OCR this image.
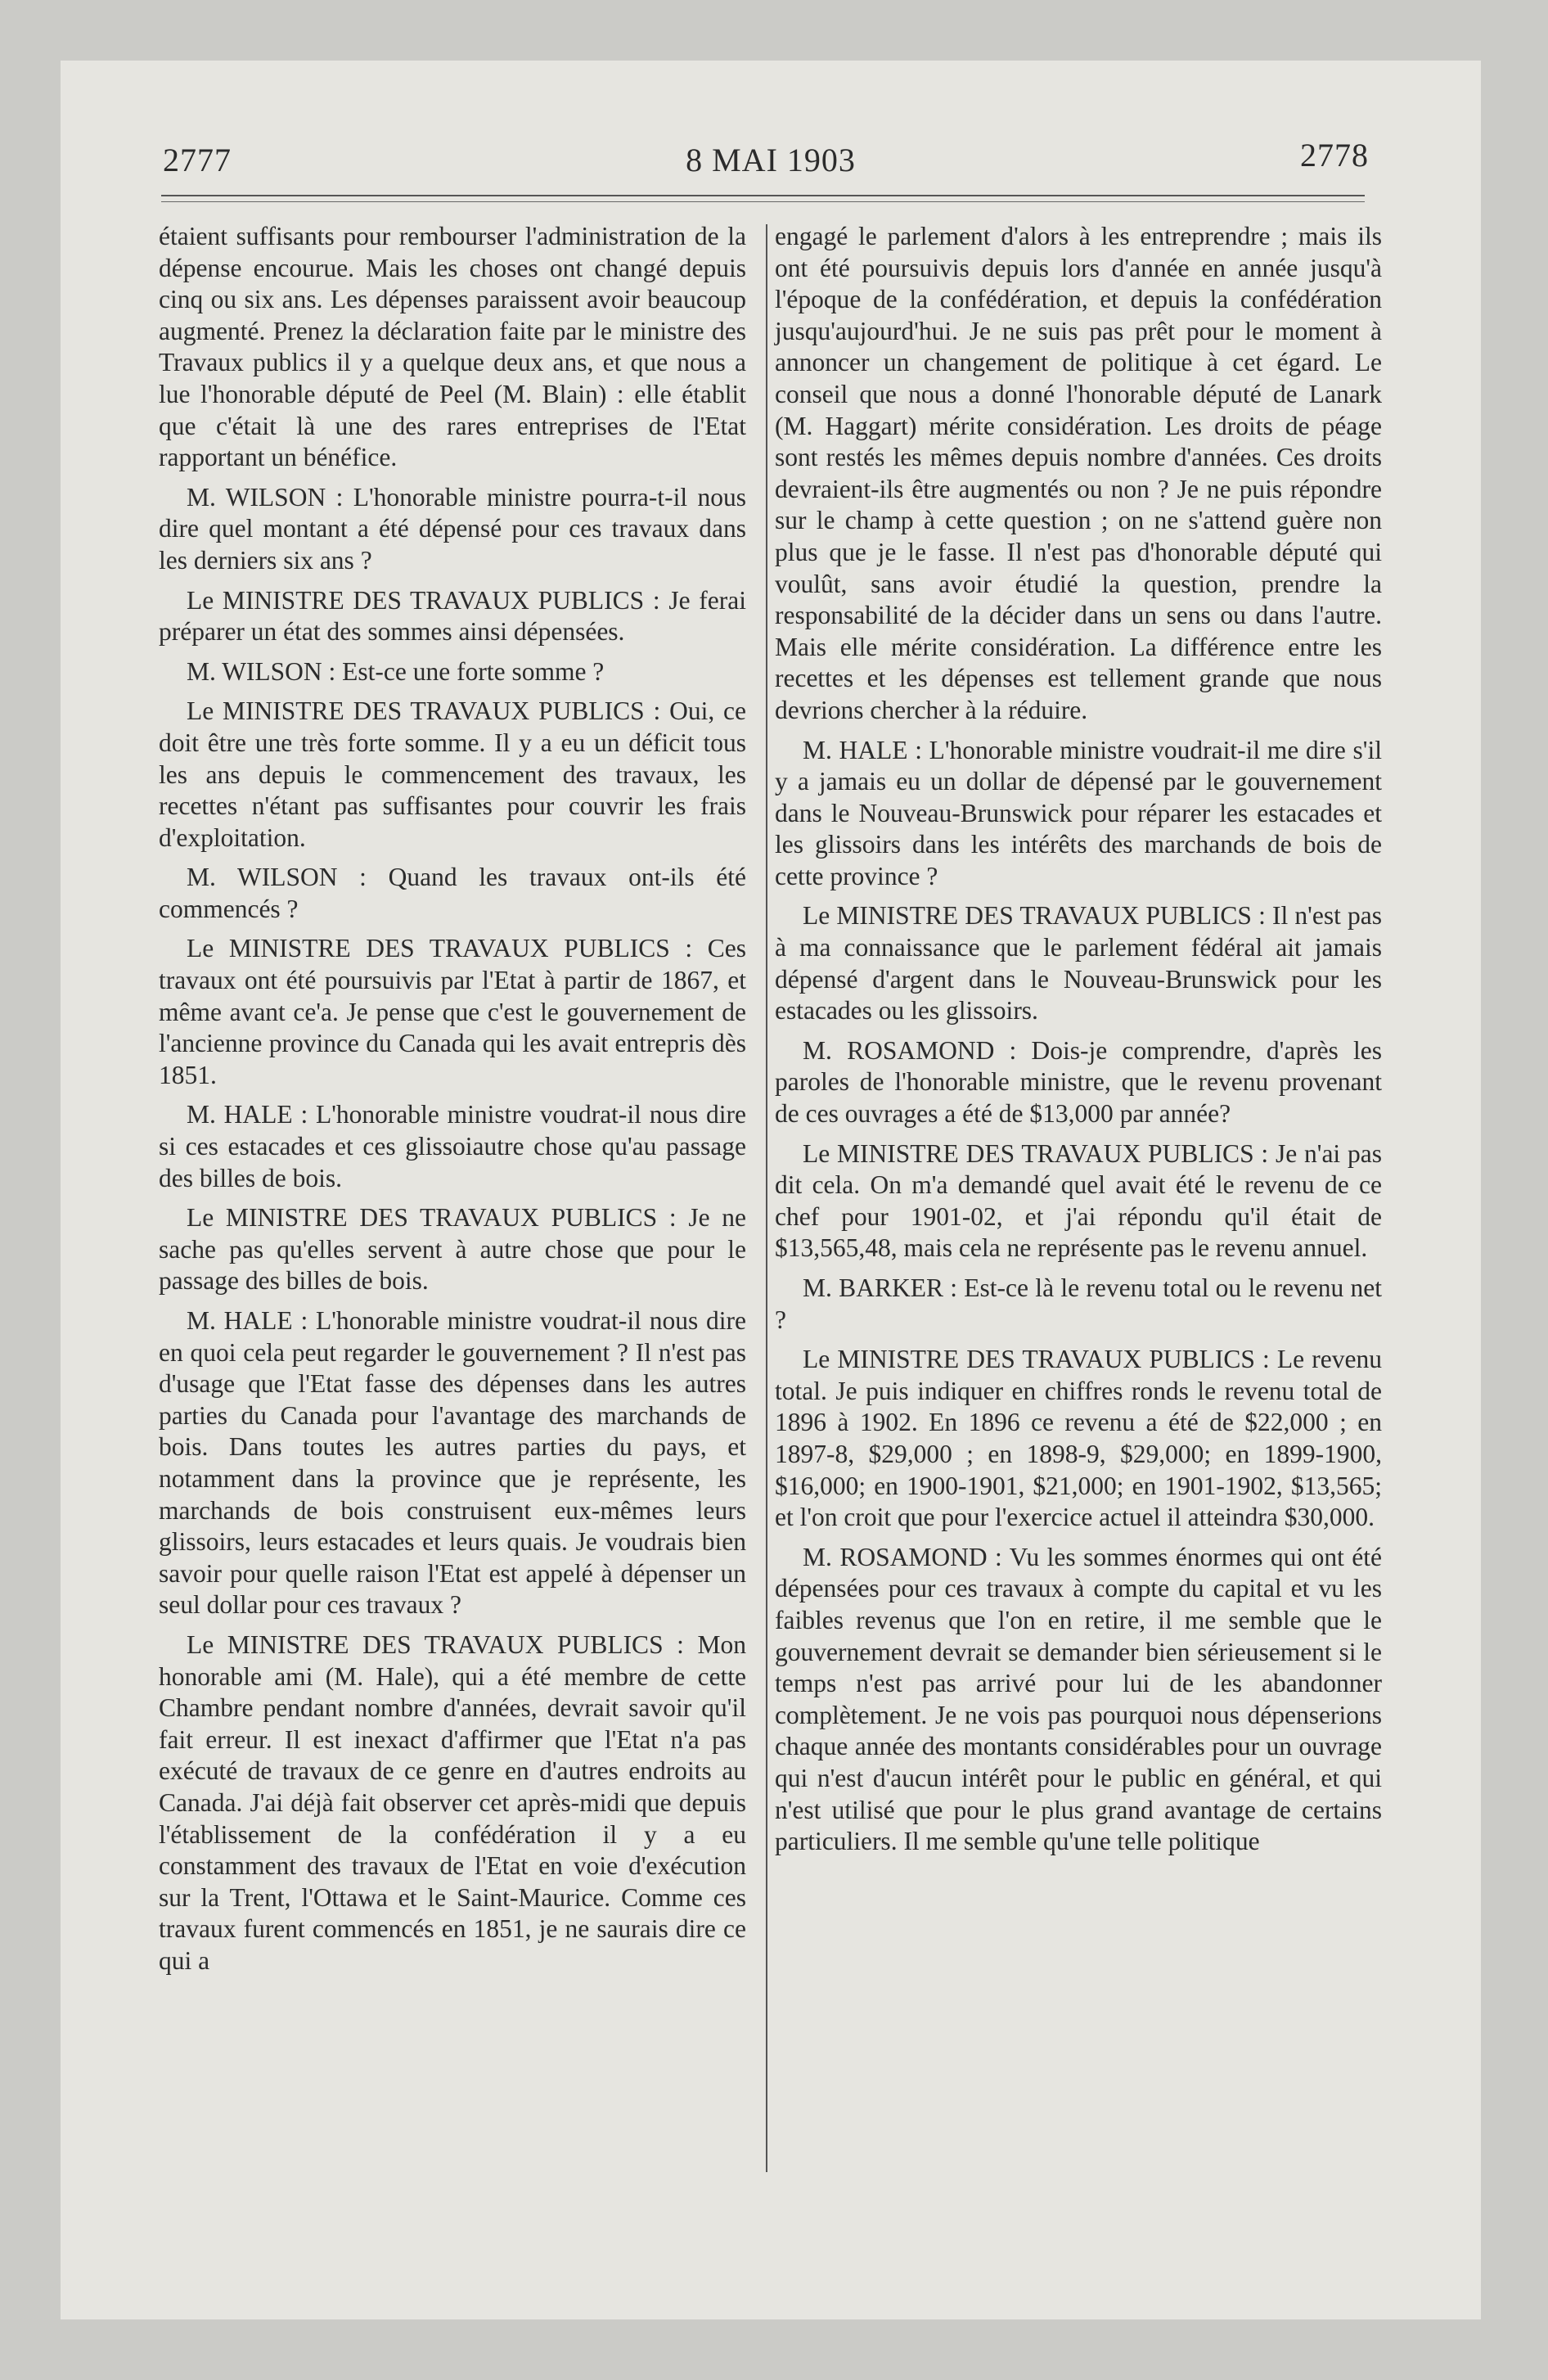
2777	8 MAI 1903	2778

étaient suffisants pour rembourser l'administration de la dépense encourue. Mais les choses ont changé depuis cinq ou six ans. Les dépenses paraissent avoir beaucoup augmenté. Prenez la déclaration faite par le ministre des Travaux publics il y a quelque deux ans, et que nous a lue l'honorable député de Peel (M. Blain) : elle établit que c'était là une des rares entreprises de l'Etat rapportant un bénéfice.

M. WILSON : L'honorable ministre pourra-t-il nous dire quel montant a été dépensé pour ces travaux dans les derniers six ans ?

Le MINISTRE DES TRAVAUX PUBLICS : Je ferai préparer un état des sommes ainsi dépensées.

M. WILSON : Est-ce une forte somme ?

Le MINISTRE DES TRAVAUX PUBLICS : Oui, ce doit être une très forte somme. Il y a eu un déficit tous les ans depuis le commencement des travaux, les recettes n'étant pas suffisantes pour couvrir les frais d'exploitation.

M. WILSON : Quand les travaux ont-ils été commencés ?

Le MINISTRE DES TRAVAUX PUBLICS : Ces travaux ont été poursuivis par l'Etat à partir de 1867, et même avant ce'a. Je pense que c'est le gouvernement de l'ancienne province du Canada qui les avait entrepris dès 1851.

M. HALE : L'honorable ministre voudrat-il nous dire si ces estacades et ces glissoiautre chose qu'au passage des billes de bois.

Le MINISTRE DES TRAVAUX PUBLICS : Je ne sache pas qu'elles servent à autre chose que pour le passage des billes de bois.

M. HALE : L'honorable ministre voudrat-il nous dire en quoi cela peut regarder le gouvernement ? Il n'est pas d'usage que l'Etat fasse des dépenses dans les autres parties du Canada pour l'avantage des marchands de bois. Dans toutes les autres parties du pays, et notamment dans la province que je représente, les marchands de bois construisent eux-mêmes leurs glissoirs, leurs estacades et leurs quais. Je voudrais bien savoir pour quelle raison l'Etat est appelé à dépenser un seul dollar pour ces travaux ?

Le MINISTRE DES TRAVAUX PUBLICS : Mon honorable ami (M. Hale), qui a été membre de cette Chambre pendant nombre d'années, devrait savoir qu'il fait erreur. Il est inexact d'affirmer que l'Etat n'a pas exécuté de travaux de ce genre en d'autres endroits au Canada. J'ai déjà fait observer cet après-midi que depuis l'établissement de la confédération il y a eu constamment des travaux de l'Etat en voie d'exécution sur la Trent, l'Ottawa et le Saint-Maurice. Comme ces travaux furent commencés en 1851, je ne saurais dire ce qui a

engagé le parlement d'alors à les entreprendre ; mais ils ont été poursuivis depuis lors d'année en année jusqu'à l'époque de la confédération, et depuis la confédération jusqu'aujourd'hui. Je ne suis pas prêt pour le moment à annoncer un changement de politique à cet égard. Le conseil que nous a donné l'honorable député de Lanark (M. Haggart) mérite considération. Les droits de péage sont restés les mêmes depuis nombre d'années. Ces droits devraient-ils être augmentés ou non ? Je ne puis répondre sur le champ à cette question ; on ne s'attend guère non plus que je le fasse. Il n'est pas d'honorable député qui voulût, sans avoir étudié la question, prendre la responsabilité de la décider dans un sens ou dans l'autre. Mais elle mérite considération. La différence entre les recettes et les dépenses est tellement grande que nous devrions chercher à la réduire.

M. HALE : L'honorable ministre voudrait-il me dire s'il y a jamais eu un dollar de dépensé par le gouvernement dans le Nouveau-Brunswick pour réparer les estacades et les glissoirs dans les intérêts des marchands de bois de cette province ?

Le MINISTRE DES TRAVAUX PUBLICS : Il n'est pas à ma connaissance que le parlement fédéral ait jamais dépensé d'argent dans le Nouveau-Brunswick pour les estacades ou les glissoirs.

M. ROSAMOND : Dois-je comprendre, d'après les paroles de l'honorable ministre, que le revenu provenant de ces ouvrages a été de $13,000 par année?

Le MINISTRE DES TRAVAUX PUBLICS : Je n'ai pas dit cela. On m'a demandé quel avait été le revenu de ce chef pour 1901-02, et j'ai répondu qu'il était de $13,565,48, mais cela ne représente pas le revenu annuel.

M. BARKER : Est-ce là le revenu total ou le revenu net ?

Le MINISTRE DES TRAVAUX PUBLICS : Le revenu total. Je puis indiquer en chiffres ronds le revenu total de 1896 à 1902. En 1896 ce revenu a été de $22,000 ; en 1897-8, $29,000 ; en 1898-9, $29,000; en 1899-1900, $16,000; en 1900-1901, $21,000; en 1901-1902, $13,565; et l'on croit que pour l'exercice actuel il atteindra $30,000.

M. ROSAMOND : Vu les sommes énormes qui ont été dépensées pour ces travaux à compte du capital et vu les faibles revenus que l'on en retire, il me semble que le gouvernement devrait se demander bien sérieusement si le temps n'est pas arrivé pour lui de les abandonner complètement. Je ne vois pas pourquoi nous dépenserions chaque année des montants considérables pour un ouvrage qui n'est d'aucun intérêt pour le public en général, et qui n'est utilisé que pour le plus grand avantage de certains particuliers. Il me semble qu'une telle politique
